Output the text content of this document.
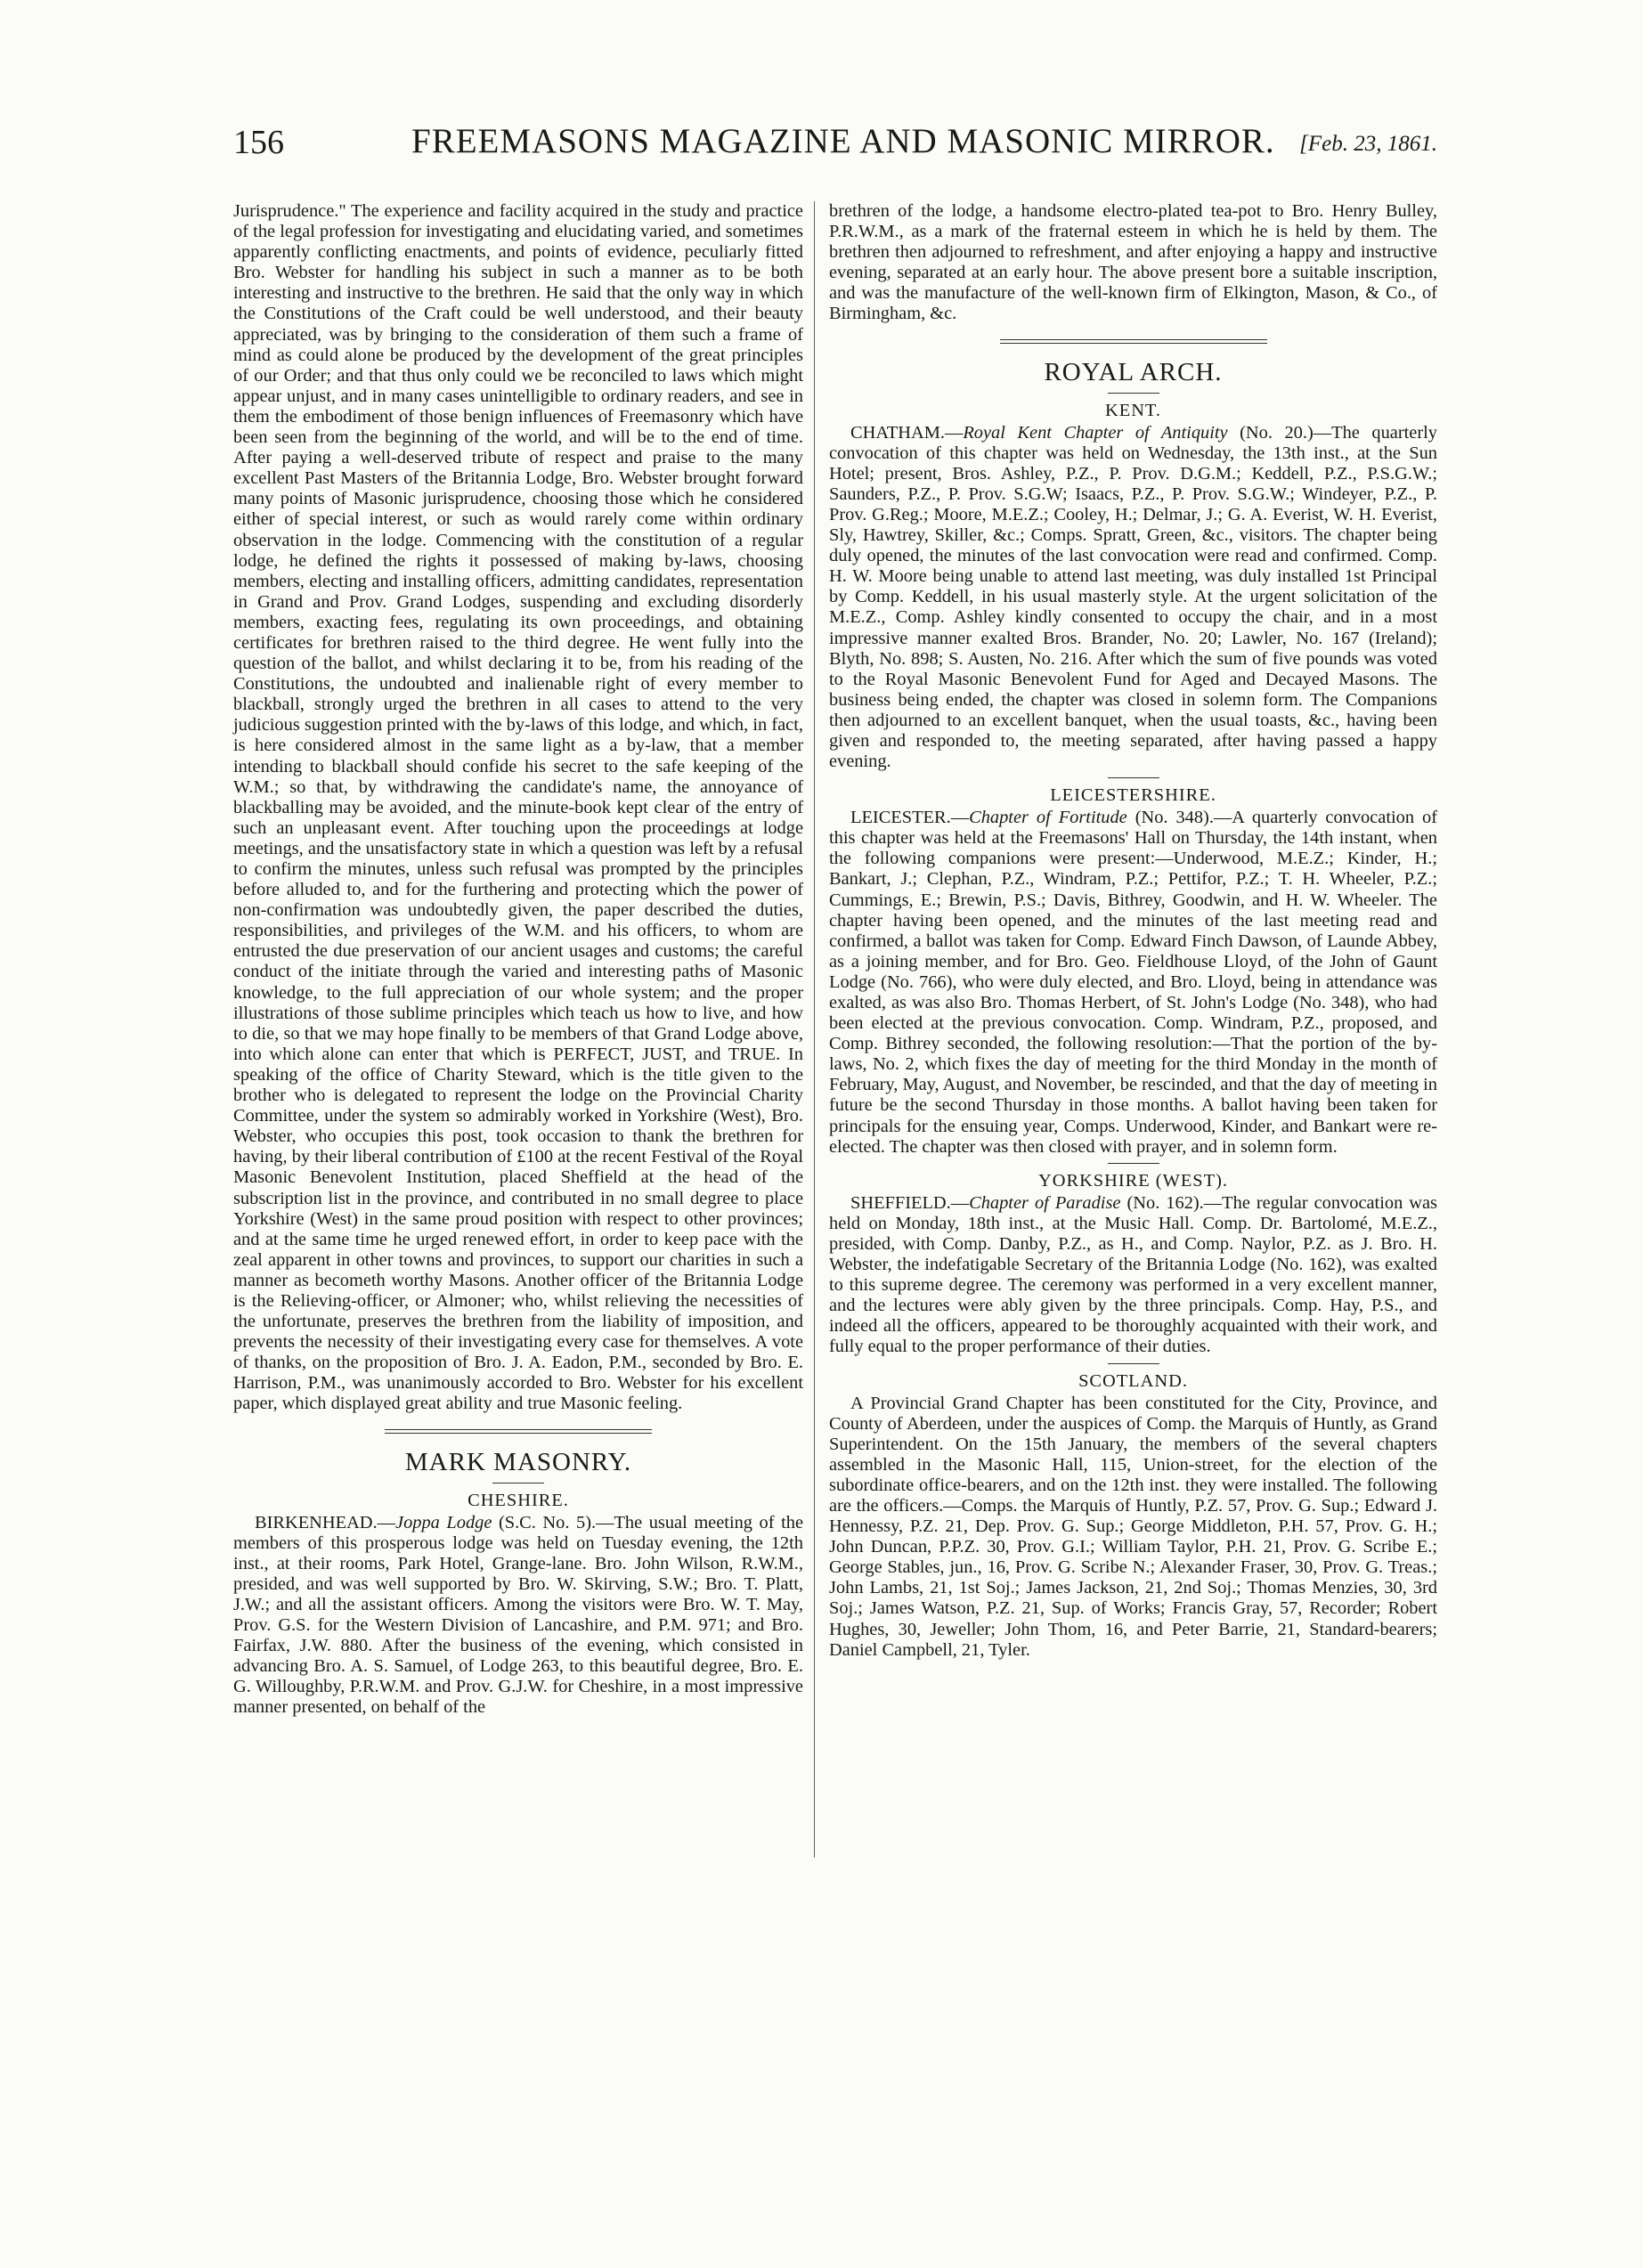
156	FREEMASONS MAGAZINE AND MASONIC MIRROR. [Feb. 23, 1861.

Jurisprudence." The experience and facility acquired in the study and practice of the legal profession for investigating and elucidating varied, and sometimes apparently conflicting enactments, and points of evidence, peculiarly fitted Bro. Webster for handling his subject in such a manner as to be both interesting and instructive to the brethren. He said that the only way in which the Constitutions of the Craft could be well understood, and their beauty appreciated, was by bringing to the consideration of them such a frame of mind as could alone be produced by the development of the great principles of our Order; and that thus only could we be reconciled to laws which might appear unjust, and in many cases unintelligible to ordinary readers, and see in them the embodiment of those benign influences of Freemasonry which have been seen from the beginning of the world, and will be to the end of time. After paying a well-deserved tribute of respect and praise to the many excellent Past Masters of the Britannia Lodge, Bro. Webster brought forward many points of Masonic jurisprudence, choosing those which he considered either of special interest, or such as would rarely come within ordinary observation in the lodge. Commencing with the constitution of a regular lodge, he defined the rights it possessed of making by-laws, choosing members, electing and installing officers, admitting candidates, representation in Grand and Prov. Grand Lodges, suspending and excluding disorderly members, exacting fees, regulating its own proceedings, and obtaining certificates for brethren raised to the third degree. He went fully into the question of the ballot, and whilst declaring it to be, from his reading of the Constitutions, the undoubted and inalienable right of every member to blackball, strongly urged the brethren in all cases to attend to the very judicious suggestion printed with the by-laws of this lodge, and which, in fact, is here considered almost in the same light as a by-law, that a member intending to blackball should confide his secret to the safe keeping of the W.M.; so that, by withdrawing the candidate's name, the annoyance of blackballing may be avoided, and the minute-book kept clear of the entry of such an unpleasant event. After touching upon the proceedings at lodge meetings, and the unsatisfactory state in which a question was left by a refusal to confirm the minutes, unless such refusal was prompted by the principles before alluded to, and for the furthering and protecting which the power of non-confirmation was undoubtedly given, the paper described the duties, responsibilities, and privileges of the W.M. and his officers, to whom are entrusted the due preservation of our ancient usages and customs; the careful conduct of the initiate through the varied and interesting paths of Masonic knowledge, to the full appreciation of our whole system; and the proper illustrations of those sublime principles which teach us how to live, and how to die, so that we may hope finally to be members of that Grand Lodge above, into which alone can enter that which is PERFECT, JUST, and TRUE. In speaking of the office of Charity Steward, which is the title given to the brother who is delegated to represent the lodge on the Provincial Charity Committee, under the system so admirably worked in Yorkshire (West), Bro. Webster, who occupies this post, took occasion to thank the brethren for having, by their liberal contribution of £100 at the recent Festival of the Royal Masonic Benevolent Institution, placed Sheffield at the head of the subscription list in the province, and contributed in no small degree to place Yorkshire (West) in the same proud position with respect to other provinces; and at the same time he urged renewed effort, in order to keep pace with the zeal apparent in other towns and provinces, to support our charities in such a manner as becometh worthy Masons. Another officer of the Britannia Lodge is the Relieving-officer, or Almoner; who, whilst relieving the necessities of the unfortunate, preserves the brethren from the liability of imposition, and prevents the necessity of their investigating every case for themselves. A vote of thanks, on the proposition of Bro. J. A. Eadon, P.M., seconded by Bro. E. Harrison, P.M., was unanimously accorded to Bro. Webster for his excellent paper, which displayed great ability and true Masonic feeling.

MARK MASONRY.
CHESHIRE.

BIRKENHEAD.—Joppa Lodge (S.C. No. 5).—The usual meeting of the members of this prosperous lodge was held on Tuesday evening, the 12th inst., at their rooms, Park Hotel, Grange-lane. Bro. John Wilson, R.W.M., presided, and was well supported by Bro. W. Skirving, S.W.; Bro. T. Platt, J.W.; and all the assistant officers. Among the visitors were Bro. W. T. May, Prov. G.S. for the Western Division of Lancashire, and P.M. 971; and Bro. Fairfax, J.W. 880. After the business of the evening, which consisted in advancing Bro. A. S. Samuel, of Lodge 263, to this beautiful degree, Bro. E. G. Willoughby, P.R.W.M. and Prov. G.J.W. for Cheshire, in a most impressive manner presented, on behalf of the

brethren of the lodge, a handsome electro-plated tea-pot to Bro. Henry Bulley, P.R.W.M., as a mark of the fraternal esteem in which he is held by them. The brethren then adjourned to refreshment, and after enjoying a happy and instructive evening, separated at an early hour. The above present bore a suitable inscription, and was the manufacture of the well-known firm of Elkington, Mason, & Co., of Birmingham, &c.

ROYAL ARCH.
KENT.

CHATHAM.—Royal Kent Chapter of Antiquity (No. 20.)—The quarterly convocation of this chapter was held on Wednesday, the 13th inst., at the Sun Hotel; present, Bros. Ashley, P.Z., P. Prov. D.G.M.; Keddell, P.Z., P.S.G.W.; Saunders, P.Z., P. Prov. S.G.W; Isaacs, P.Z., P. Prov. S.G.W.; Windeyer, P.Z., P. Prov. G.Reg.; Moore, M.E.Z.; Cooley, H.; Delmar, J.; G. A. Everist, W. H. Everist, Sly, Hawtrey, Skiller, &c.; Comps. Spratt, Green, &c., visitors. The chapter being duly opened, the minutes of the last convocation were read and confirmed. Comp. H. W. Moore being unable to attend last meeting, was duly installed 1st Principal by Comp. Keddell, in his usual masterly style. At the urgent solicitation of the M.E.Z., Comp. Ashley kindly consented to occupy the chair, and in a most impressive manner exalted Bros. Brander, No. 20; Lawler, No. 167 (Ireland); Blyth, No. 898; S. Austen, No. 216. After which the sum of five pounds was voted to the Royal Masonic Benevolent Fund for Aged and Decayed Masons. The business being ended, the chapter was closed in solemn form. The Companions then adjourned to an excellent banquet, when the usual toasts, &c., having been given and responded to, the meeting separated, after having passed a happy evening.

LEICESTERSHIRE.

LEICESTER.—Chapter of Fortitude (No. 348).—A quarterly convocation of this chapter was held at the Freemasons' Hall on Thursday, the 14th instant, when the following companions were present:—Underwood, M.E.Z.; Kinder, H.; Bankart, J.; Clephan, P.Z., Windram, P.Z.; Pettifor, P.Z.; T. H. Wheeler, P.Z.; Cummings, E.; Brewin, P.S.; Davis, Bithrey, Goodwin, and H. W. Wheeler. The chapter having been opened, and the minutes of the last meeting read and confirmed, a ballot was taken for Comp. Edward Finch Dawson, of Launde Abbey, as a joining member, and for Bro. Geo. Fieldhouse Lloyd, of the John of Gaunt Lodge (No. 766), who were duly elected, and Bro. Lloyd, being in attendance was exalted, as was also Bro. Thomas Herbert, of St. John's Lodge (No. 348), who had been elected at the previous convocation. Comp. Windram, P.Z., proposed, and Comp. Bithrey seconded, the following resolution:—That the portion of the by-laws, No. 2, which fixes the day of meeting for the third Monday in the month of February, May, August, and November, be rescinded, and that the day of meeting in future be the second Thursday in those months. A ballot having been taken for principals for the ensuing year, Comps. Underwood, Kinder, and Bankart were re-elected. The chapter was then closed with prayer, and in solemn form.

YORKSHIRE (WEST).

SHEFFIELD.—Chapter of Paradise (No. 162).—The regular convocation was held on Monday, 18th inst., at the Music Hall. Comp. Dr. Bartolomé, M.E.Z., presided, with Comp. Danby, P.Z., as H., and Comp. Naylor, P.Z. as J. Bro. H. Webster, the indefatigable Secretary of the Britannia Lodge (No. 162), was exalted to this supreme degree. The ceremony was performed in a very excellent manner, and the lectures were ably given by the three principals. Comp. Hay, P.S., and indeed all the officers, appeared to be thoroughly acquainted with their work, and fully equal to the proper performance of their duties.

SCOTLAND.

A Provincial Grand Chapter has been constituted for the City, Province, and County of Aberdeen, under the auspices of Comp. the Marquis of Huntly, as Grand Superintendent. On the 15th January, the members of the several chapters assembled in the Masonic Hall, 115, Union-street, for the election of the subordinate office-bearers, and on the 12th inst. they were installed. The following are the officers.—Comps. the Marquis of Huntly, P.Z. 57, Prov. G. Sup.; Edward J. Hennessy, P.Z. 21, Dep. Prov. G. Sup.; George Middleton, P.H. 57, Prov. G. H.; John Duncan, P.P.Z. 30, Prov. G.I.; William Taylor, P.H. 21, Prov. G. Scribe E.; George Stables, jun., 16, Prov. G. Scribe N.; Alexander Fraser, 30, Prov. G. Treas.; John Lambs, 21, 1st Soj.; James Jackson, 21, 2nd Soj.; Thomas Menzies, 30, 3rd Soj.; James Watson, P.Z. 21, Sup. of Works; Francis Gray, 57, Recorder; Robert Hughes, 30, Jeweller; John Thom, 16, and Peter Barrie, 21, Standard-bearers; Daniel Campbell, 21, Tyler.
